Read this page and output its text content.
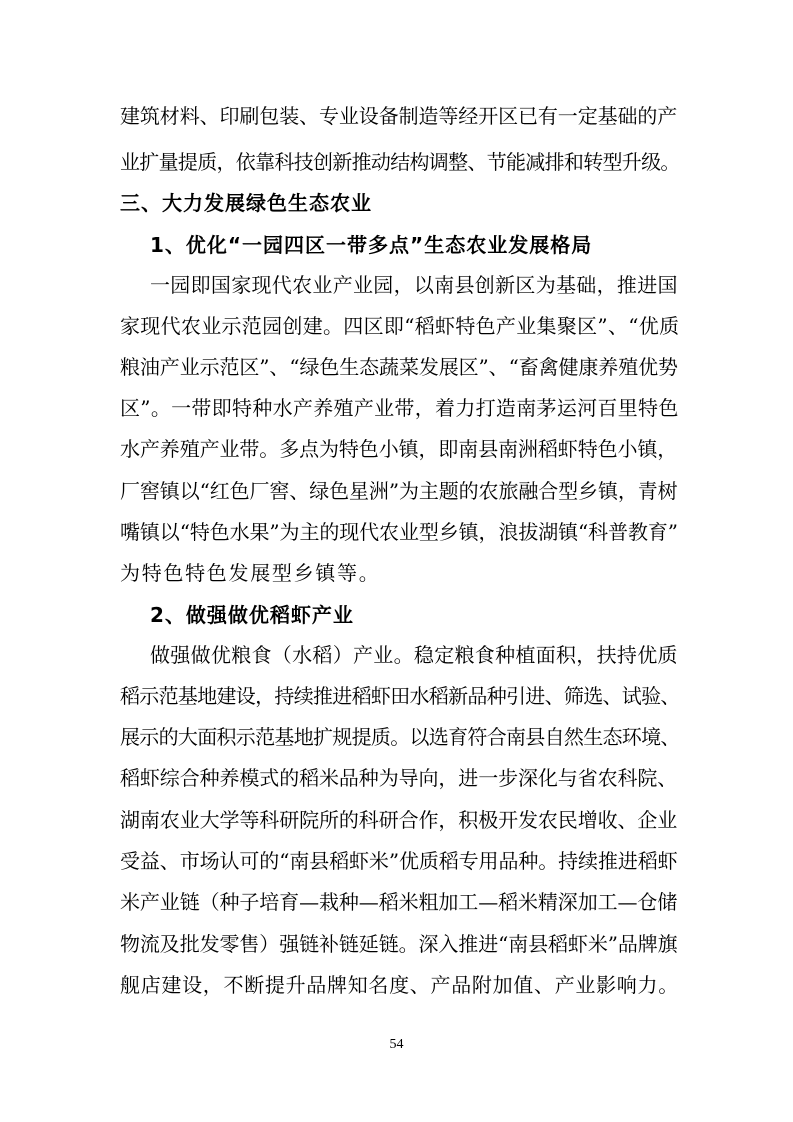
建筑材料、印刷包装、专业设备制造等经开区已有一定基础的产
业扩量提质，依靠科技创新推动结构调整、节能减排和转型升级。
三、大力发展绿色生态农业
1、优化“一园四区一带多点”生态农业发展格局
一园即国家现代农业产业园，以南县创新区为基础，推进国
家现代农业示范园创建。四区即“稻虾特色产业集聚区”、“优质
粮油产业示范区”、“绿色生态蔬菜发展区”、“畜禽健康养殖优势
区”。一带即特种水产养殖产业带，着力打造南茅运河百里特色
水产养殖产业带。多点为特色小镇，即南县南洲稻虾特色小镇，
厂窖镇以“红色厂窖、绿色星洲”为主题的农旅融合型乡镇，青树
嘴镇以“特色水果”为主的现代农业型乡镇，浪拔湖镇“科普教育”
为特色特色发展型乡镇等。
2、做强做优稻虾产业
做强做优粮食（水稻）产业。稳定粮食种植面积，扶持优质
稻示范基地建设，持续推进稻虾田水稻新品种引进、筛选、试验、
展示的大面积示范基地扩规提质。以选育符合南县自然生态环境、
稻虾综合种养模式的稻米品种为导向，进一步深化与省农科院、
湖南农业大学等科研院所的科研合作，积极开发农民增收、企业
受益、市场认可的“南县稻虾米”优质稻专用品种。持续推进稻虾
米产业链（种子培育—栽种—稻米粗加工—稻米精深加工—仓储
物流及批发零售）强链补链延链。深入推进“南县稻虾米”品牌旗
舰店建设，不断提升品牌知名度、产品附加值、产业影响力。
54
